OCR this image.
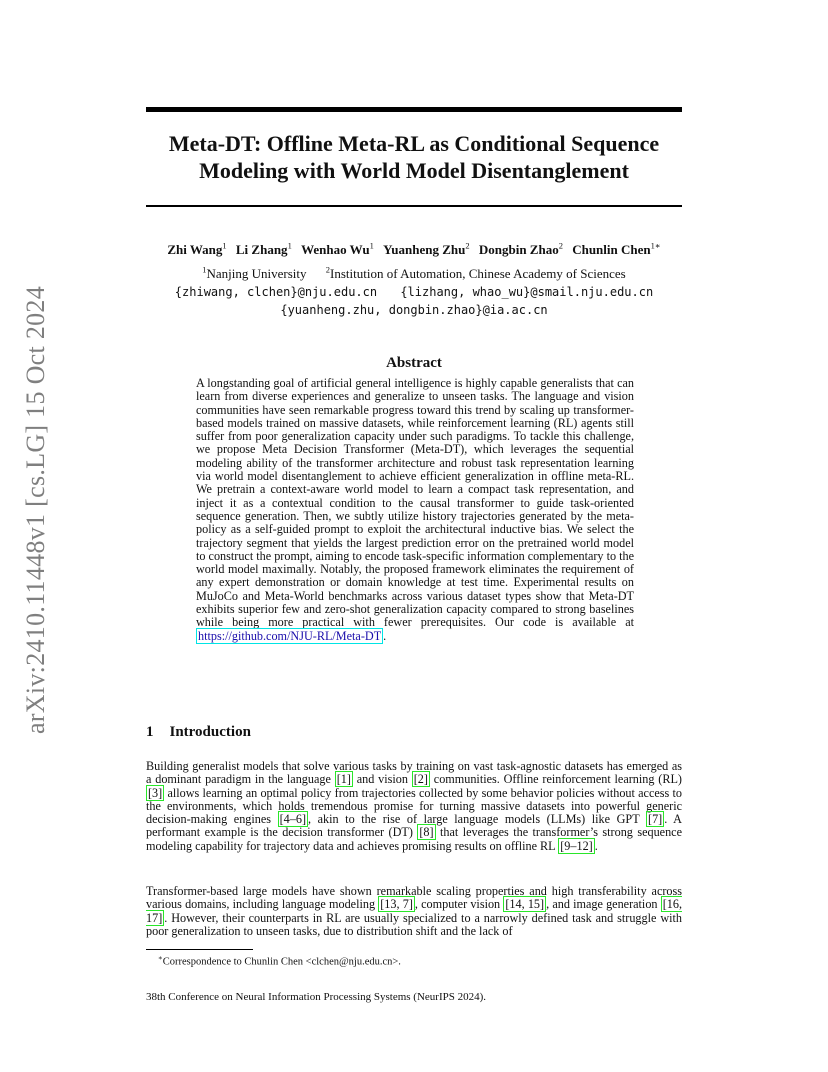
arXiv:2410.11448v1 [cs.LG] 15 Oct 2024
Meta-DT: Offline Meta-RL as Conditional Sequence
Modeling with World Model Disentanglement
Zhi Wang$^1$ Li Zhang$^1$ Wenhao Wu$^1$ Yuanheng Zhu$^2$ Dongbin Zhao$^2$ Chunlin Chen$^{1∗}$
$^1$Nanjing University $^2$Institution of Automation, Chinese Academy of Sciences
{zhiwang, clchen}@nju.edu.cn {lizhang, whao_wu}@smail.nju.edu.cn
{yuanheng.zhu, dongbin.zhao}@ia.ac.cn
Abstract

A longstanding goal of artificial general intelligence is highly capable generalists that can learn from diverse experiences and generalize to unseen tasks. The language and vision communities have seen remarkable progress toward this trend by scaling up transformer-based models trained on massive datasets, while reinforcement learning (RL) agents still suffer from poor generalization capacity under such paradigms. To tackle this challenge, we propose Meta Decision Transformer (Meta-DT), which leverages the sequential modeling ability of the transformer architecture and robust task representation learning via world model disentanglement to achieve efficient generalization in offline meta-RL. We pretrain a context-aware world model to learn a compact task representation, and inject it as a contextual condition to the causal transformer to guide task-oriented sequence generation. Then, we subtly utilize history trajectories generated by the meta-policy as a self-guided prompt to exploit the architectural inductive bias. We select the trajectory segment that yields the largest prediction error on the pretrained world model to construct the prompt, aiming to encode task-specific information complementary to the world model maximally. Notably, the proposed framework eliminates the requirement of any expert demonstration or domain knowledge at test time. Experimental results on MuJoCo and Meta-World benchmarks across various dataset types show that Meta-DT exhibits superior few and zero-shot generalization capacity compared to strong baselines while being more practical with fewer prerequisites. Our code is available at https://github.com/NJU-RL/Meta-DT .

1 Introduction

Building generalist models that solve various tasks by training on vast task-agnostic datasets has emerged as a dominant paradigm in the language [1] and vision [2] communities. Offline reinforcement learning (RL) [3] allows learning an optimal policy from trajectories collected by some behavior policies without access to the environments, which holds tremendous promise for turning massive datasets into powerful generic decision-making engines [4–6] , akin to the rise of large language models (LLMs) like GPT [7] . A performant example is the decision transformer (DT) [8] that leverages the transformer’s strong sequence modeling capability for trajectory data and achieves promising results on offline RL [9–12] .

Transformer-based large models have shown remarkable scaling properties and high transferability across various domains, including language modeling [13, 7] , computer vision [14, 15] , and image generation [16, 17] . However, their counterparts in RL are usually specialized to a narrowly defined task and struggle with poor generalization to unseen tasks, due to distribution shift and the lack of

∗Correspondence to Chunlin Chen <clchen@nju.edu.cn>.
38th Conference on Neural Information Processing Systems (NeurIPS 2024).
